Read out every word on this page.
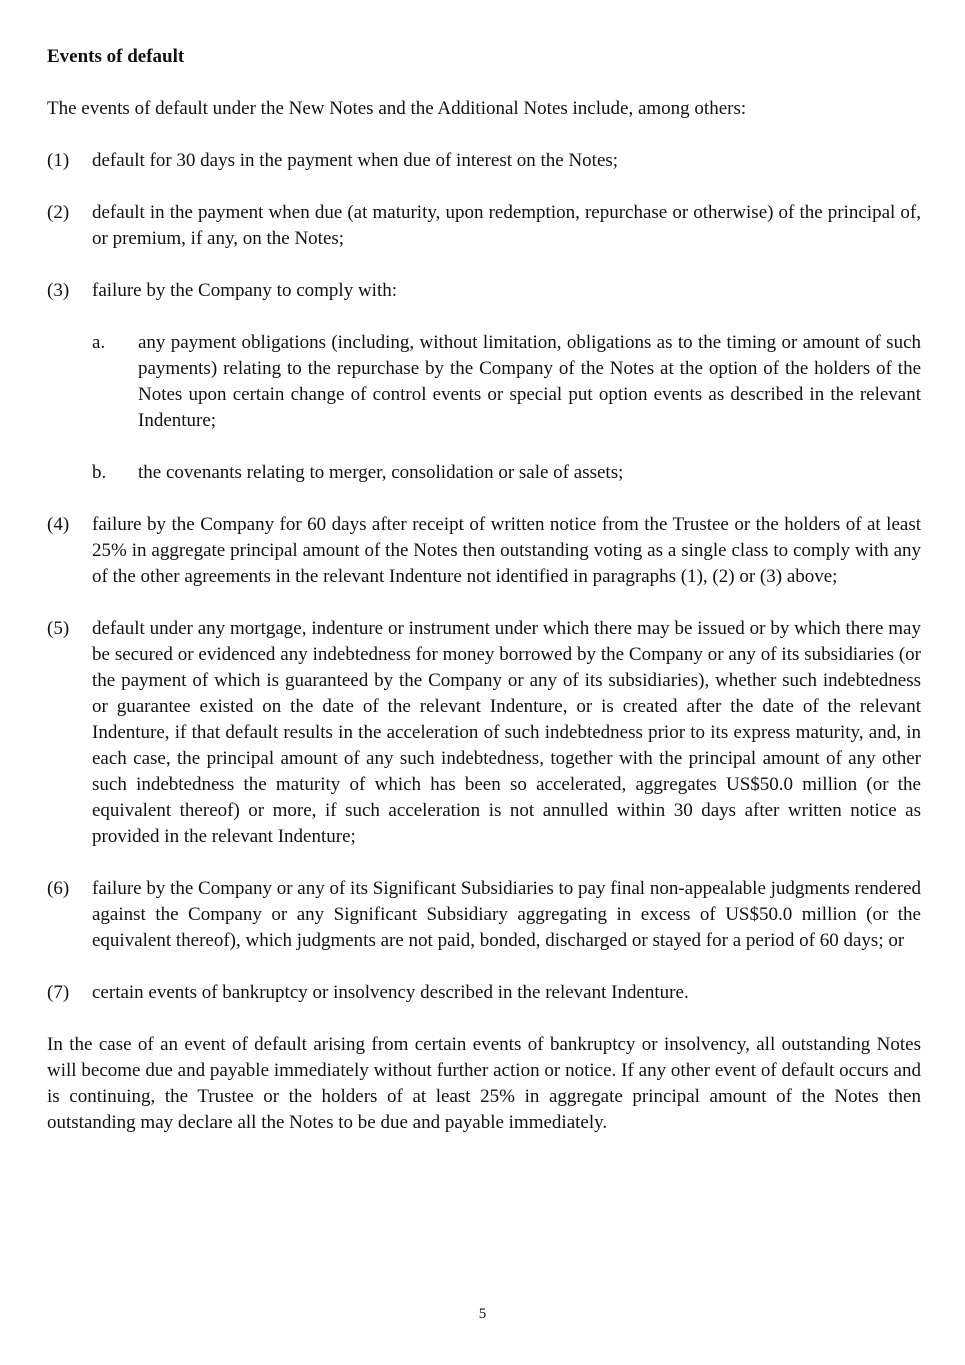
Events of default

The events of default under the New Notes and the Additional Notes include, among others:

(1)	default for 30 days in the payment when due of interest on the Notes;

(2)	default in the payment when due (at maturity, upon redemption, repurchase or otherwise) of the principal of, or premium, if any, on the Notes;

(3)	failure by the Company to comply with:

a.	any payment obligations (including, without limitation, obligations as to the timing or amount of such payments) relating to the repurchase by the Company of the Notes at the option of the holders of the Notes upon certain change of control events or special put option events as described in the relevant Indenture;

b.	the covenants relating to merger, consolidation or sale of assets;

(4)	failure by the Company for 60 days after receipt of written notice from the Trustee or the holders of at least 25% in aggregate principal amount of the Notes then outstanding voting as a single class to comply with any of the other agreements in the relevant Indenture not identified in paragraphs (1), (2) or (3) above;

(5)	default under any mortgage, indenture or instrument under which there may be issued or by which there may be secured or evidenced any indebtedness for money borrowed by the Company or any of its subsidiaries (or the payment of which is guaranteed by the Company or any of its subsidiaries), whether such indebtedness or guarantee existed on the date of the relevant Indenture, or is created after the date of the relevant Indenture, if that default results in the acceleration of such indebtedness prior to its express maturity, and, in each case, the principal amount of any such indebtedness, together with the principal amount of any other such indebtedness the maturity of which has been so accelerated, aggregates US$50.0 million (or the equivalent thereof) or more, if such acceleration is not annulled within 30 days after written notice as provided in the relevant Indenture;

(6)	failure by the Company or any of its Significant Subsidiaries to pay final non-appealable judgments rendered against the Company or any Significant Subsidiary aggregating in excess of US$50.0 million (or the equivalent thereof), which judgments are not paid, bonded, discharged or stayed for a period of 60 days; or

(7)	certain events of bankruptcy or insolvency described in the relevant Indenture.

In the case of an event of default arising from certain events of bankruptcy or insolvency, all outstanding Notes will become due and payable immediately without further action or notice. If any other event of default occurs and is continuing, the Trustee or the holders of at least 25% in aggregate principal amount of the Notes then outstanding may declare all the Notes to be due and payable immediately.

5
